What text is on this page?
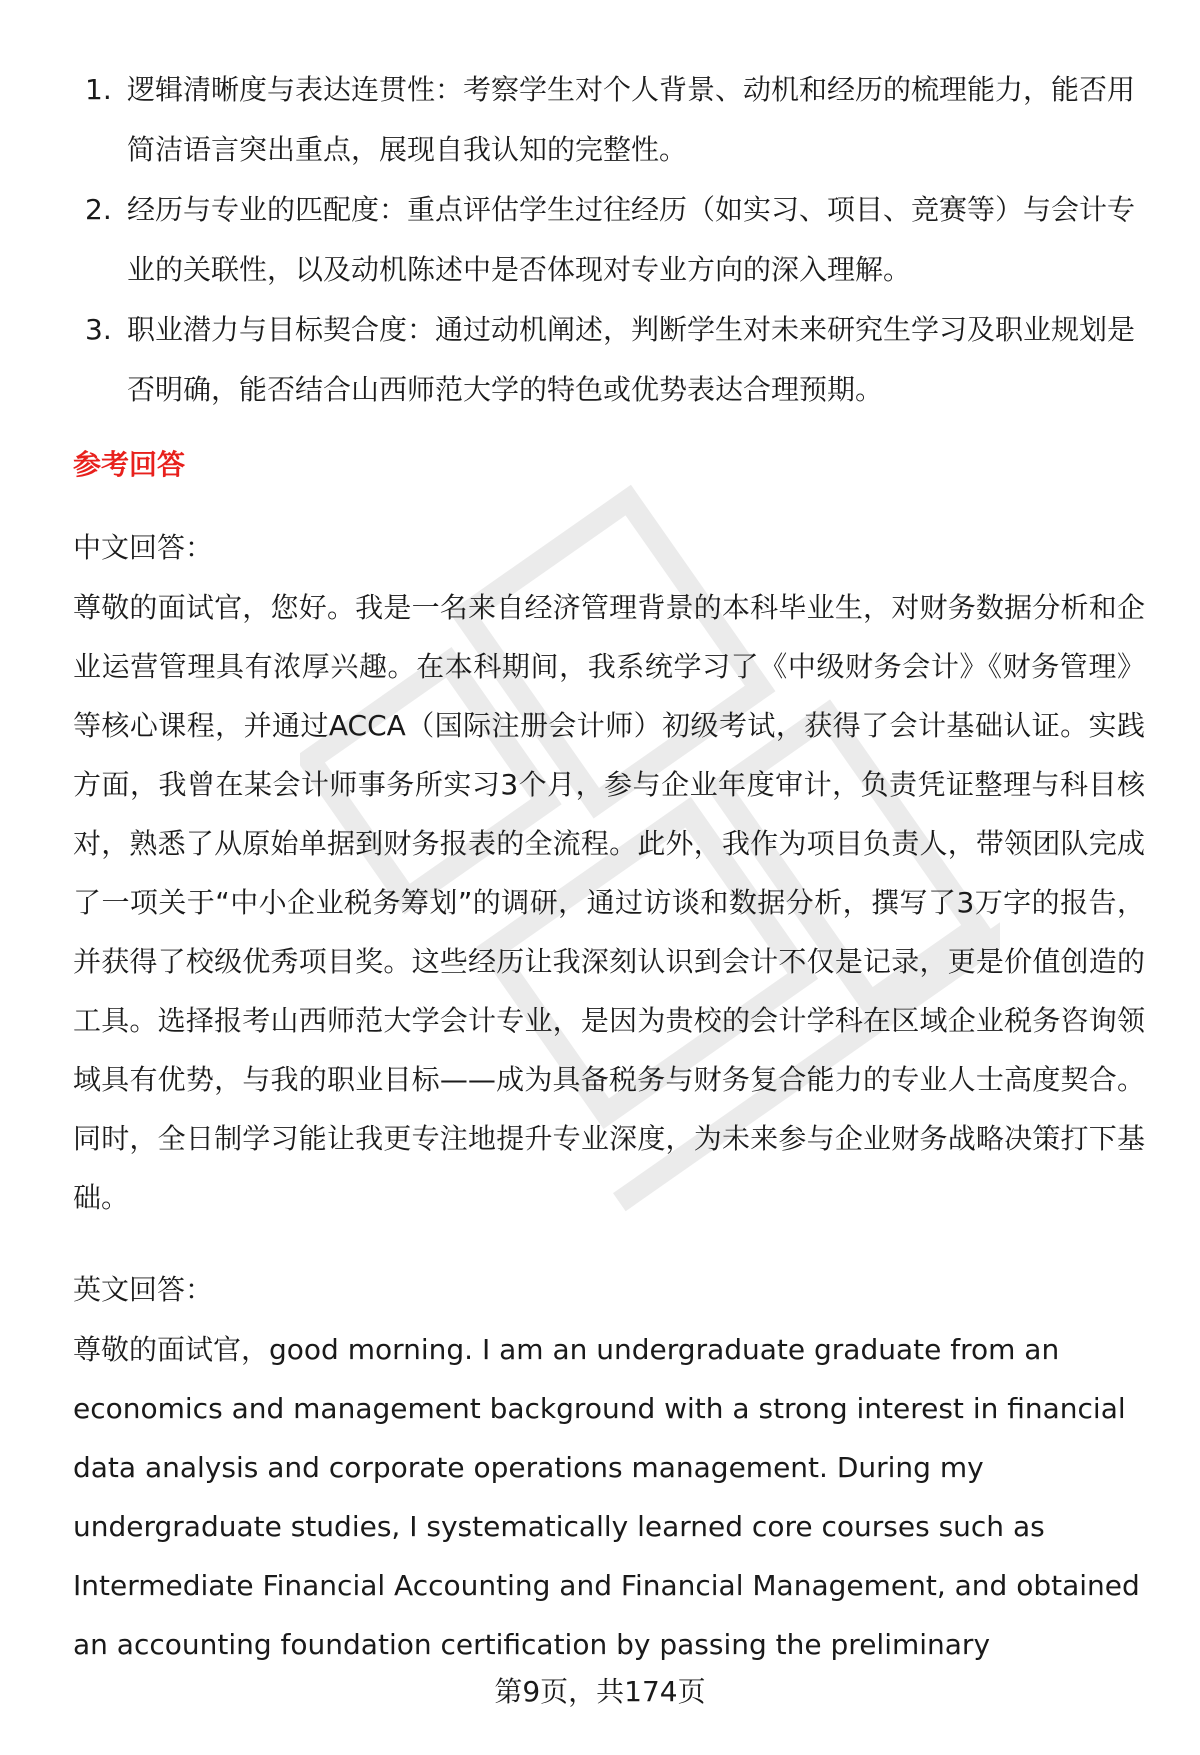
1. 逻辑清晰度与表达连贯性：考察学生对个人背景、动机和经历的梳理能力，能否用简洁语言突出重点，展现自我认知的完整性。
2. 经历与专业的匹配度：重点评估学生过往经历（如实习、项目、竞赛等）与会计专业的关联性，以及动机陈述中是否体现对专业方向的深入理解。
3. 职业潜力与目标契合度：通过动机阐述，判断学生对未来研究生学习及职业规划是否明确，能否结合山西师范大学的特色或优势表达合理预期。
参考回答
中文回答：
尊敬的面试官，您好。我是一名来自经济管理背景的本科毕业生，对财务数据分析和企业运营管理具有浓厚兴趣。在本科期间，我系统学习了《中级财务会计》《财务管理》等核心课程，并通过ACCA（国际注册会计师）初级考试，获得了会计基础认证。实践方面，我曾在某会计师事务所实习3个月，参与企业年度审计，负责凭证整理与科目核对，熟悉了从原始单据到财务报表的全流程。此外，我作为项目负责人，带领团队完成了一项关于“中小企业税务筹划”的调研，通过访谈和数据分析，撰写了3万字的报告，并获得了校级优秀项目奖。这些经历让我深刻认识到会计不仅是记录，更是价值创造的工具。选择报考山西师范大学会计专业，是因为贵校的会计学科在区域企业税务咨询领域具有优势，与我的职业目标——成为具备税务与财务复合能力的专业人士高度契合。同时，全日制学习能让我更专注地提升专业深度，为未来参与企业财务战略决策打下基础。
英文回答：
尊敬的面试官，good morning. I am an undergraduate graduate from an economics and management background with a strong interest in financial data analysis and corporate operations management. During my undergraduate studies, I systematically learned core courses such as Intermediate Financial Accounting and Financial Management, and obtained an accounting foundation certification by passing the preliminary
第9页，共174页
